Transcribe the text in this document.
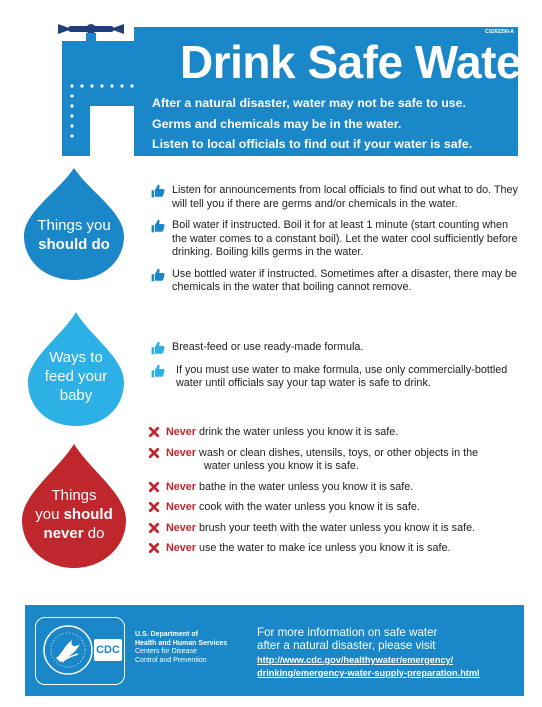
CS262290-A
Drink Safe Water
After a natural disaster, water may not be safe to use.
Germs and chemicals may be in the water.
Listen to local officials to find out if your water is safe.
Things you
should do
Listen for announcements from local officials to find out what to do. They will tell you if there are germs and/or chemicals in the water.
Boil water if instructed. Boil it for at least 1 minute (start counting when the water comes to a constant boil). Let the water cool sufficiently before drinking. Boiling kills germs in the water.
Use bottled water if instructed. Sometimes after a disaster, there may be chemicals in the water that boiling cannot remove.
Ways to
feed your
baby
Breast-feed or use ready-made formula.
If you must use water to make formula, use only commercially-bottled water until officials say your tap water is safe to drink.
Things
you should
never do
Never drink the water unless you know it is safe.
Never wash or clean dishes, utensils, toys, or other objects in the
water unless you know it is safe.
Never bathe in the water unless you know it is safe.
Never cook with the water unless you know it is safe.
Never brush your teeth with the water unless you know it is safe.
Never use the water to make ice unless you know it is safe.
CDC
U.S. Department of
Health and Human Services
Centers for Disease
Control and Prevention
For more information on safe water
after a natural disaster, please visit
http://www.cdc.gov/healthywater/emergency/
drinking/emergency-water-supply-preparation.html
